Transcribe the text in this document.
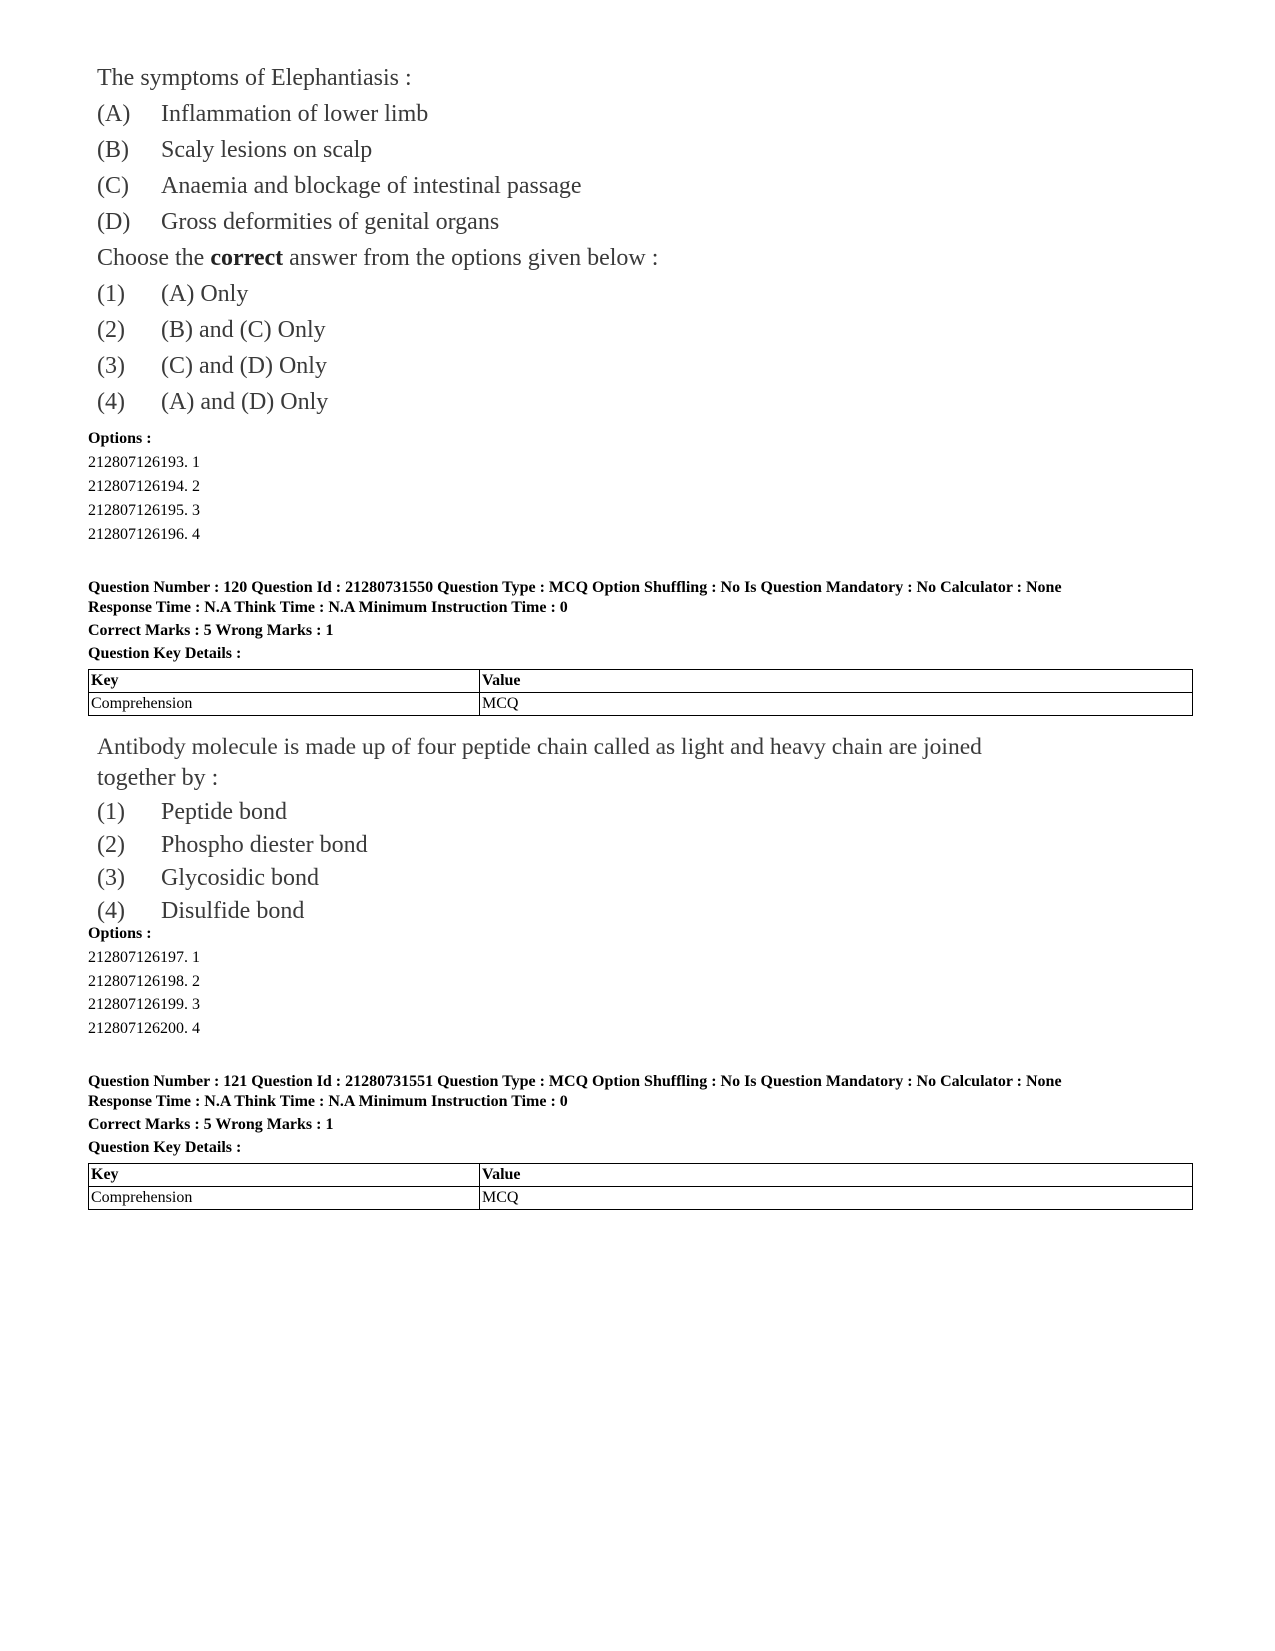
The symptoms of Elephantiasis :
(A) Inflammation of lower limb
(B) Scaly lesions on scalp
(C) Anaemia and blockage of intestinal passage
(D) Gross deformities of genital organs
Choose the correct answer from the options given below :
(1) (A) Only
(2) (B) and (C) Only
(3) (C) and (D) Only
(4) (A) and (D) Only
Options :
212807126193. 1
212807126194. 2
212807126195. 3
212807126196. 4
Question Number : 120 Question Id : 21280731550 Question Type : MCQ Option Shuffling : No Is Question Mandatory : No Calculator : None
Response Time : N.A Think Time : N.A Minimum Instruction Time : 0
Correct Marks : 5 Wrong Marks : 1
Question Key Details :
Key	Value
Comprehension	MCQ
Antibody molecule is made up of four peptide chain called as light and heavy chain are joined
together by :
(1) Peptide bond
(2) Phospho diester bond
(3) Glycosidic bond
(4) Disulfide bond
Options :
212807126197. 1
212807126198. 2
212807126199. 3
212807126200. 4
Question Number : 121 Question Id : 21280731551 Question Type : MCQ Option Shuffling : No Is Question Mandatory : No Calculator : None
Response Time : N.A Think Time : N.A Minimum Instruction Time : 0
Correct Marks : 5 Wrong Marks : 1
Question Key Details :
Key	Value
Comprehension	MCQ
